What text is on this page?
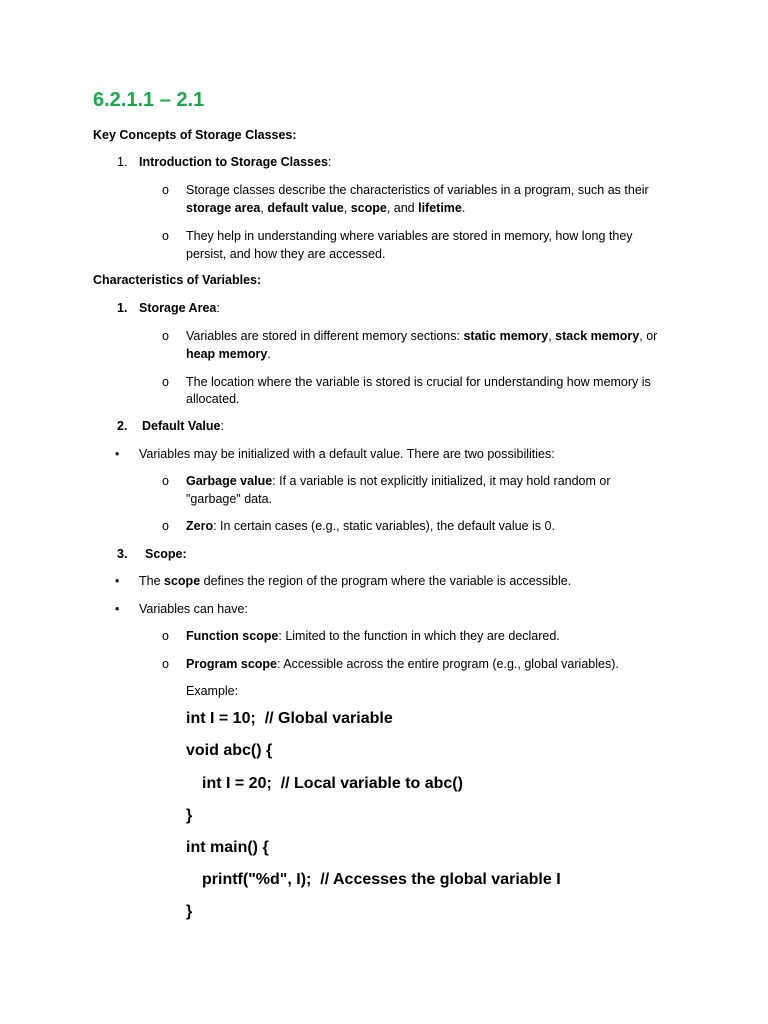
6.2.1.1 – 2.1
Key Concepts of Storage Classes:
1. Introduction to Storage Classes:
o Storage classes describe the characteristics of variables in a program, such as their
storage area, default value, scope, and lifetime.
o They help in understanding where variables are stored in memory, how long they
persist, and how they are accessed.
Characteristics of Variables:
1. Storage Area:
o Variables are stored in different memory sections: static memory, stack memory, or
heap memory.
o The location where the variable is stored is crucial for understanding how memory is
allocated.
2. Default Value:
• Variables may be initialized with a default value. There are two possibilities:
o Garbage value: If a variable is not explicitly initialized, it may hold random or
"garbage" data.
o Zero: In certain cases (e.g., static variables), the default value is 0.
3. Scope:
• The scope defines the region of the program where the variable is accessible.
• Variables can have:
o Function scope: Limited to the function in which they are declared.
o Program scope: Accessible across the entire program (e.g., global variables).
Example:
int I = 10;  // Global variable
void abc() {
int I = 20;  // Local variable to abc()
}
int main() {
printf("%d", I);  // Accesses the global variable I
}
